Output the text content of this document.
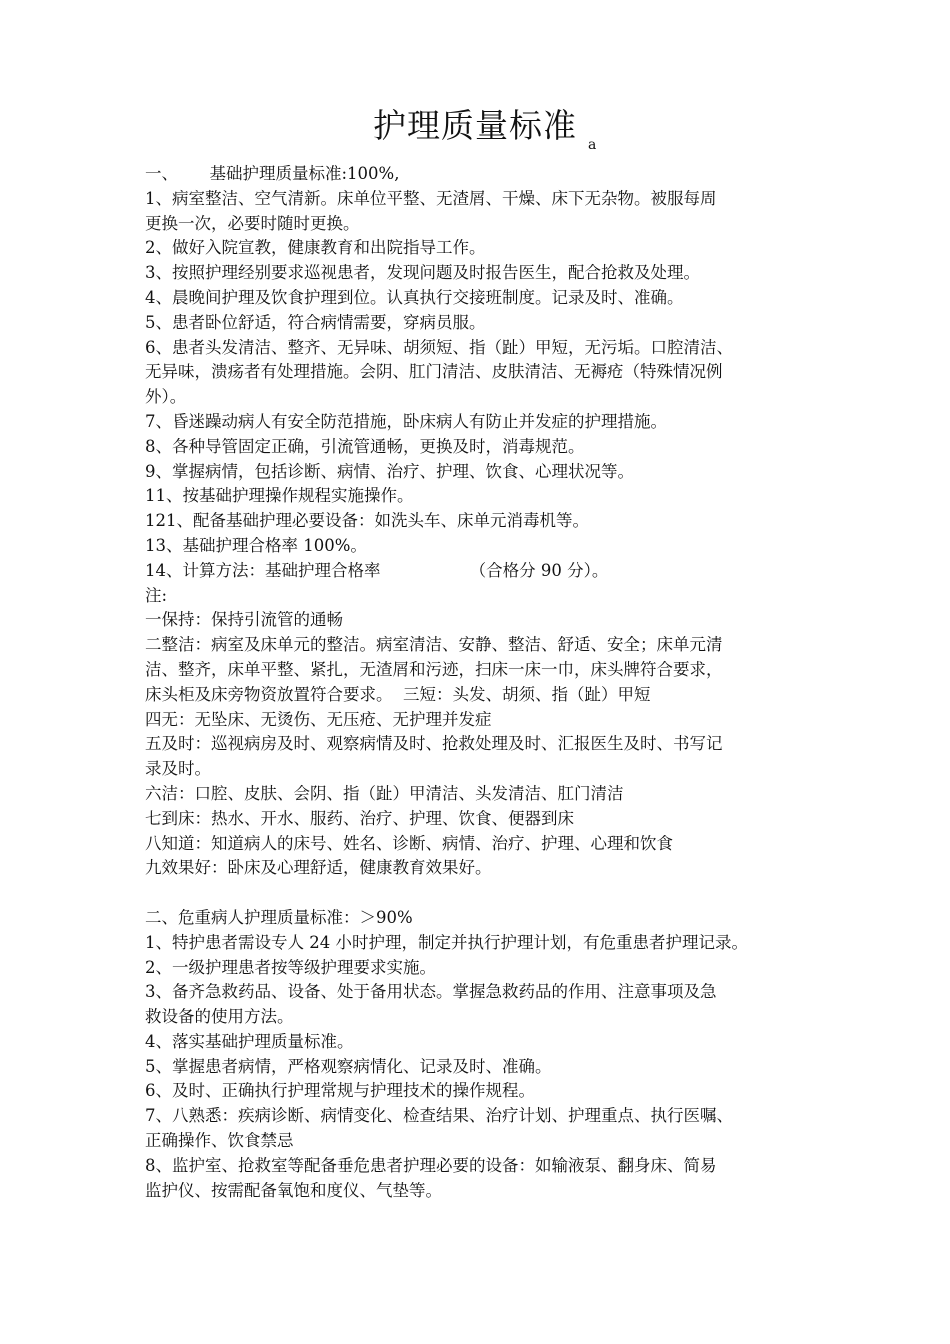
护理质量标准 a
一、      基础护理质量标准:100%,
1、病室整洁、空气清新。床单位平整、无渣屑、干燥、床下无杂物。被服每周
更换一次，必要时随时更换。
2、做好入院宣教，健康教育和出院指导工作。
3、按照护理经别要求巡视患者，发现问题及时报告医生，配合抢救及处理。
4、晨晚间护理及饮食护理到位。认真执行交接班制度。记录及时、准确。
5、患者卧位舒适，符合病情需要，穿病员服。
6、患者头发清洁、整齐、无异味、胡须短、指（趾）甲短，无污垢。口腔清洁、
无异味，溃疡者有处理措施。会阴、肛门清洁、皮肤清洁、无褥疮（特殊情况例
外）。
7、昏迷躁动病人有安全防范措施，卧床病人有防止并发症的护理措施。
8、各种导管固定正确，引流管通畅，更换及时，消毒规范。
9、掌握病情，包括诊断、病情、治疗、护理、饮食、心理状况等。
11、按基础护理操作规程实施操作。
121、配备基础护理必要设备：如洗头车、床单元消毒机等。
13、基础护理合格率 100%。
14、计算方法：基础护理合格率                 （合格分 90 分）。
注:
一保持：保持引流管的通畅
二整洁：病室及床单元的整洁。病室清洁、安静、整洁、舒适、安全；床单元清
洁、整齐，床单平整、紧扎，无渣屑和污迹，扫床一床一巾，床头牌符合要求，
床头柜及床旁物资放置符合要求。  三短：头发、胡须、指（趾）甲短
四无：无坠床、无烫伤、无压疮、无护理并发症
五及时：巡视病房及时、观察病情及时、抢救处理及时、汇报医生及时、书写记
录及时。
六洁：口腔、皮肤、会阴、指（趾）甲清洁、头发清洁、肛门清洁
七到床：热水、开水、服药、治疗、护理、饮食、便器到床
八知道：知道病人的床号、姓名、诊断、病情、治疗、护理、心理和饮食
九效果好：卧床及心理舒适，健康教育效果好。
二、危重病人护理质量标准：＞90%
1、特护患者需设专人 24 小时护理，制定并执行护理计划，有危重患者护理记录。
2、一级护理患者按等级护理要求实施。
3、备齐急救药品、设备、处于备用状态。掌握急救药品的作用、注意事项及急
救设备的使用方法。
4、落实基础护理质量标准。
5、掌握患者病情，严格观察病情化、记录及时、准确。
6、及时、正确执行护理常规与护理技术的操作规程。
7、八熟悉：疾病诊断、病情变化、检查结果、治疗计划、护理重点、执行医嘱、
正确操作、饮食禁忌
8、监护室、抢救室等配备垂危患者护理必要的设备：如输液泵、翻身床、简易
监护仪、按需配备氧饱和度仪、气垫等。
